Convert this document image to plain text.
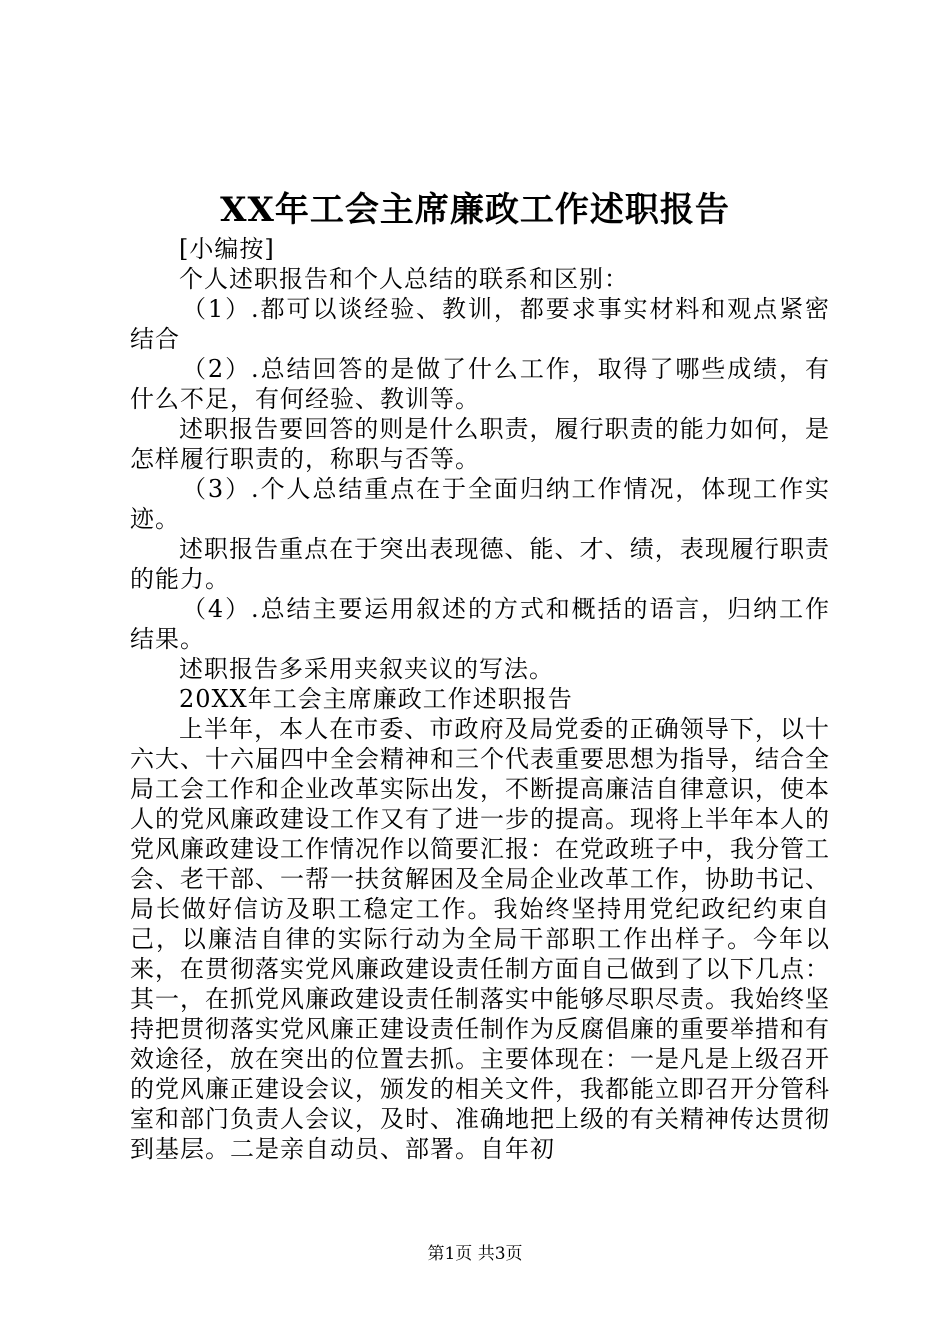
XX年工会主席廉政工作述职报告

[小编按]

个人述职报告和个人总结的联系和区别：

（1）.都可以谈经验、教训，都要求事实材料和观点紧密结合

（2）.总结回答的是做了什么工作，取得了哪些成绩，有什么不足，有何经验、教训等。

述职报告要回答的则是什么职责，履行职责的能力如何，是怎样履行职责的，称职与否等。

（3）.个人总结重点在于全面归纳工作情况，体现工作实迹。

述职报告重点在于突出表现德、能、才、绩，表现履行职责的能力。

（4）.总结主要运用叙述的方式和概括的语言，归纳工作结果。

述职报告多采用夹叙夹议的写法。

20XX年工会主席廉政工作述职报告

上半年，本人在市委、市政府及局党委的正确领导下，以十六大、十六届四中全会精神和三个代表重要思想为指导，结合全局工会工作和企业改革实际出发，不断提高廉洁自律意识，使本人的党风廉政建设工作又有了进一步的提高。现将上半年本人的党风廉政建设工作情况作以简要汇报：在党政班子中，我分管工会、老干部、一帮一扶贫解困及全局企业改革工作，协助书记、局长做好信访及职工稳定工作。我始终坚持用党纪政纪约束自己，以廉洁自律的实际行动为全局干部职工作出样子。今年以来，在贯彻落实党风廉政建设责任制方面自己做到了以下几点：其一，在抓党风廉政建设责任制落实中能够尽职尽责。我始终坚持把贯彻落实党风廉正建设责任制作为反腐倡廉的重要举措和有效途径，放在突出的位置去抓。主要体现在：一是凡是上级召开的党风廉正建设会议，颁发的相关文件，我都能立即召开分管科室和部门负责人会议，及时、准确地把上级的有关精神传达贯彻到基层。二是亲自动员、部署。自年初

第1页 共3页
